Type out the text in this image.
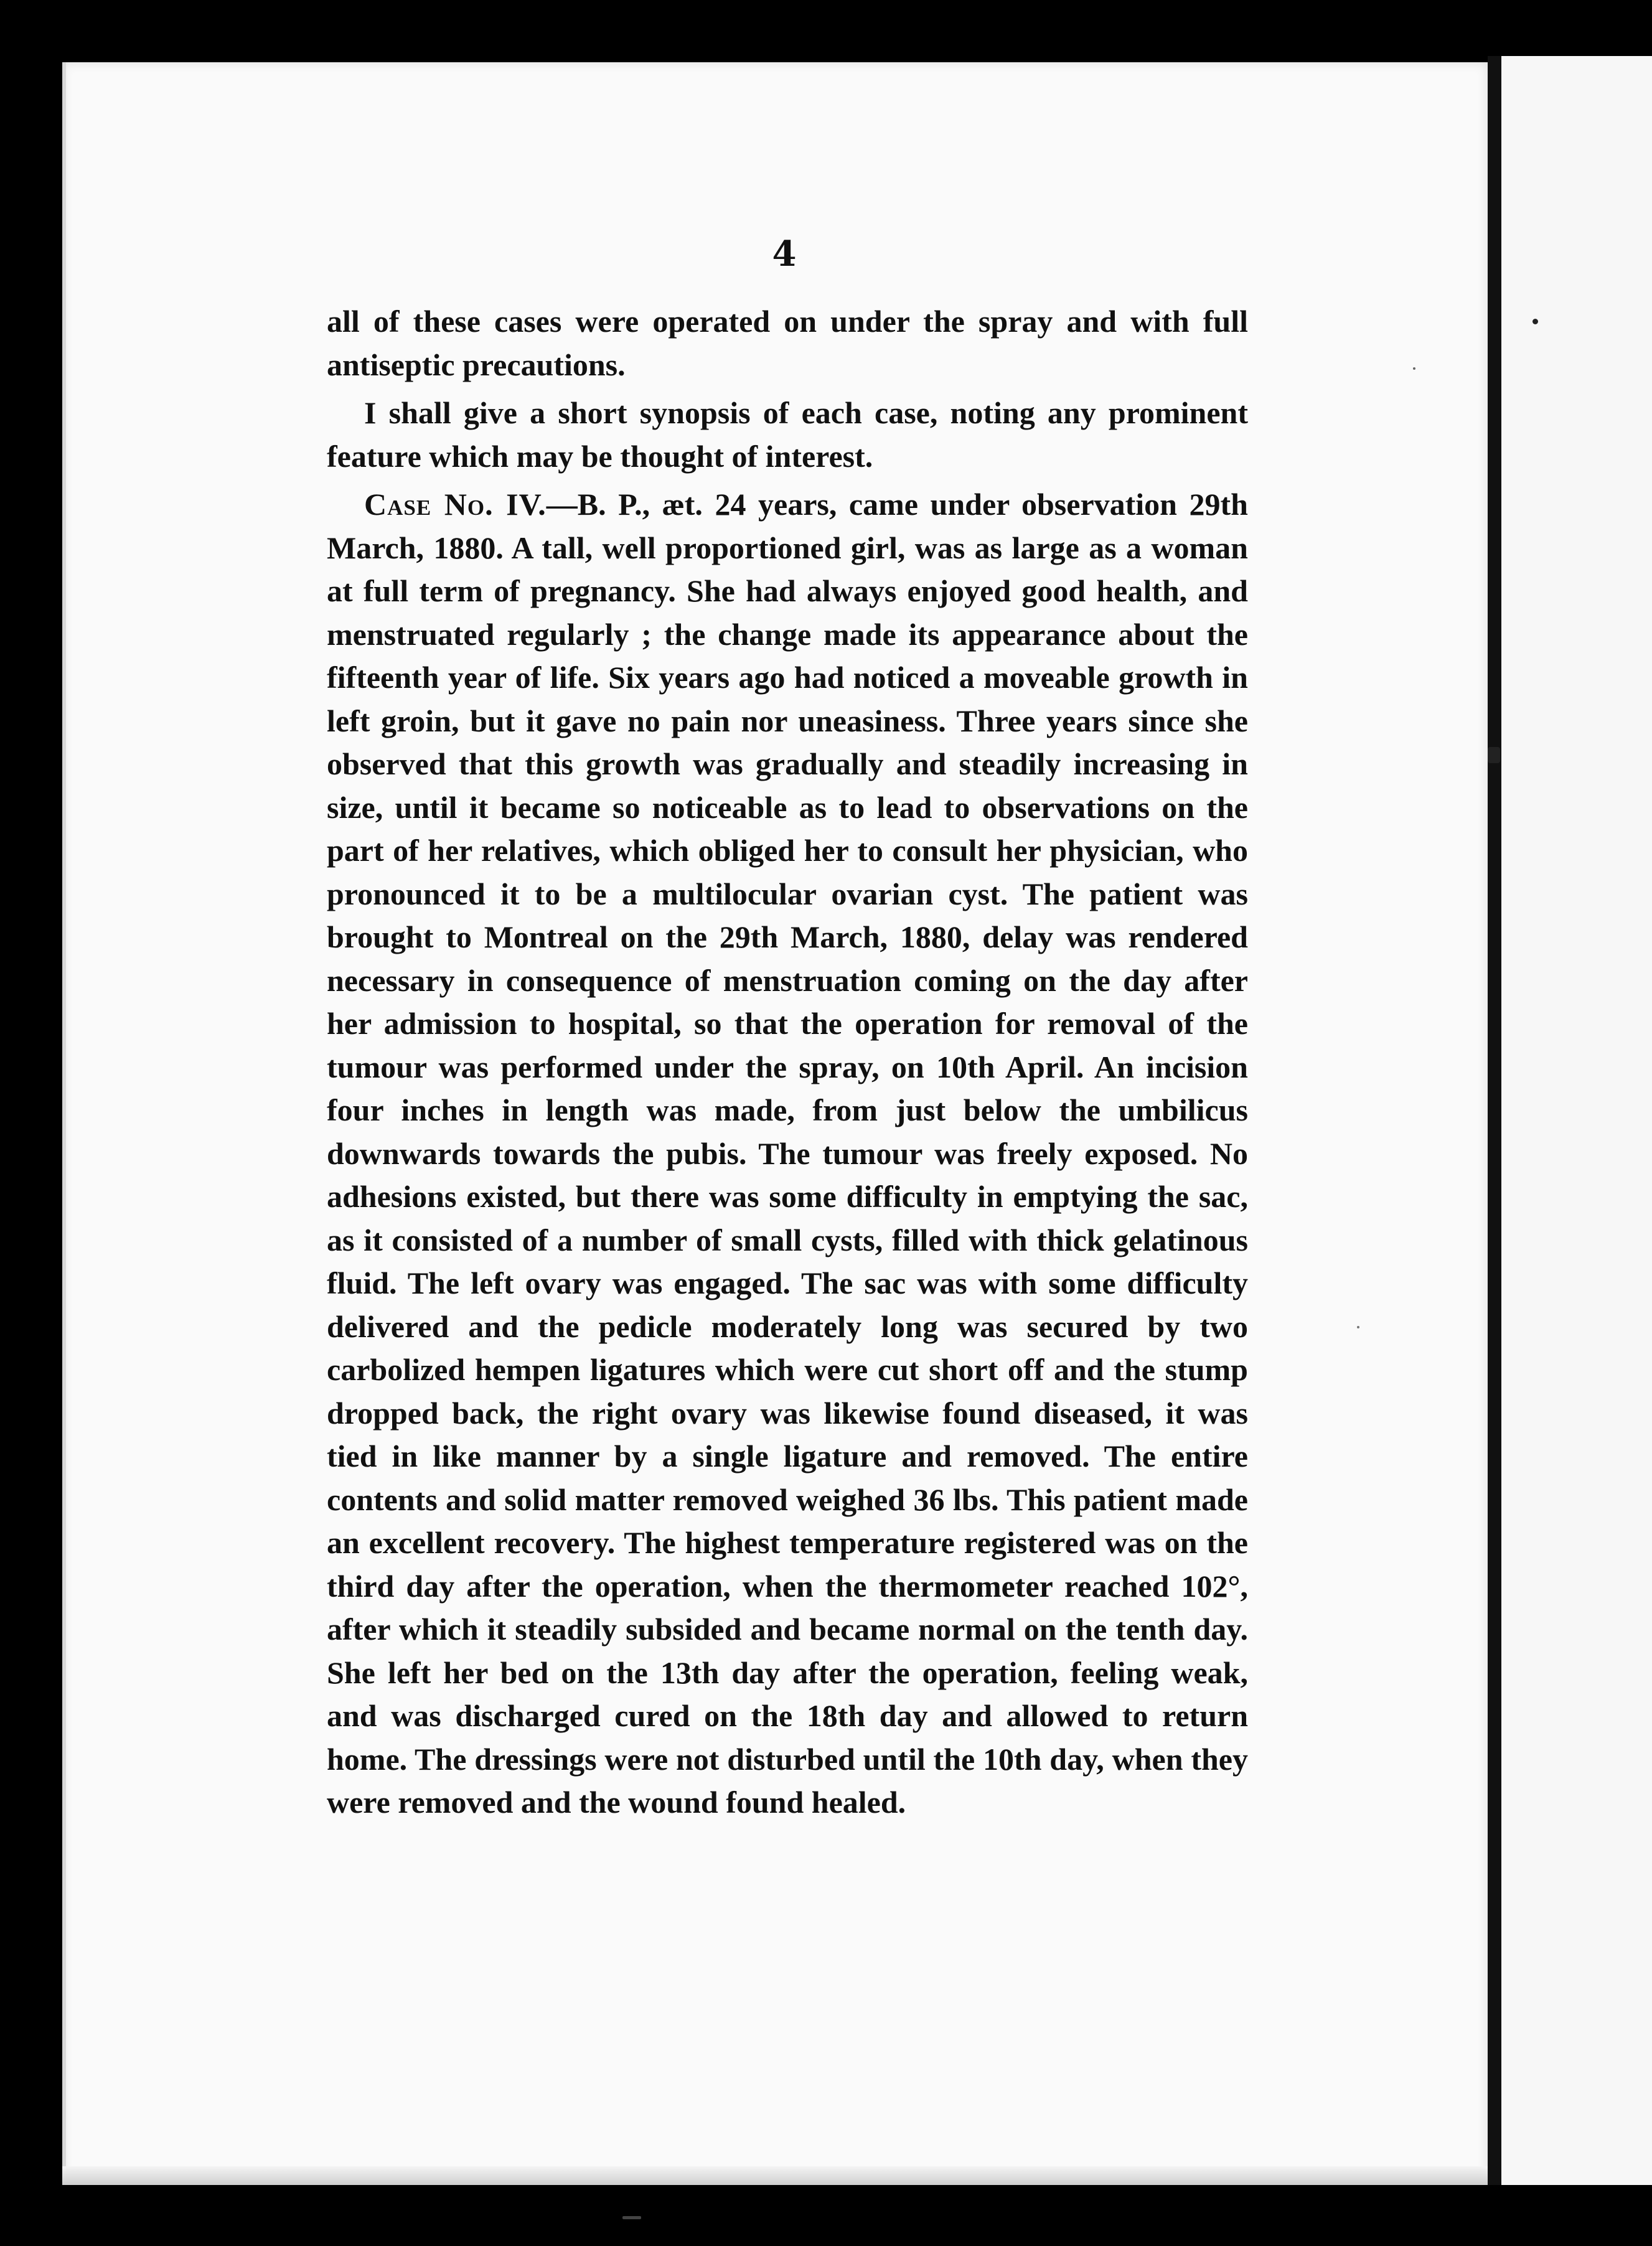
4

all of these cases were operated on under the spray and with full antiseptic precautions.

I shall give a short synopsis of each case, noting any prominent feature which may be thought of interest.

Case No. IV.—B. P., æt. 24 years, came under observation 29th March, 1880. A tall, well proportioned girl, was as large as a woman at full term of pregnancy. She had always enjoyed good health, and menstruated regularly ; the change made its appearance about the fifteenth year of life. Six years ago had noticed a moveable growth in left groin, but it gave no pain nor uneasiness. Three years since she observed that this growth was gradually and steadily increasing in size, until it became so noticeable as to lead to observations on the part of her relatives, which obliged her to consult her physician, who pronounced it to be a multilocular ovarian cyst. The patient was brought to Montreal on the 29th March, 1880, delay was rendered necessary in consequence of menstruation coming on the day after her admission to hospital, so that the operation for removal of the tumour was performed under the spray, on 10th April. An incision four inches in length was made, from just below the umbilicus downwards towards the pubis. The tumour was freely exposed. No adhesions existed, but there was some difficulty in emptying the sac, as it consisted of a number of small cysts, filled with thick gelatinous fluid. The left ovary was engaged. The sac was with some difficulty delivered and the pedicle moderately long was secured by two carbolized hempen ligatures which were cut short off and the stump dropped back, the right ovary was likewise found diseased, it was tied in like manner by a single ligature and removed. The entire contents and solid matter removed weighed 36 lbs. This patient made an excellent recovery. The highest temperature registered was on the third day after the operation, when the thermometer reached 102°, after which it steadily subsided and became normal on the tenth day. She left her bed on the 13th day after the operation, feeling weak, and was discharged cured on the 18th day and allowed to return home. The dressings were not disturbed until the 10th day, when they were removed and the wound found healed.
